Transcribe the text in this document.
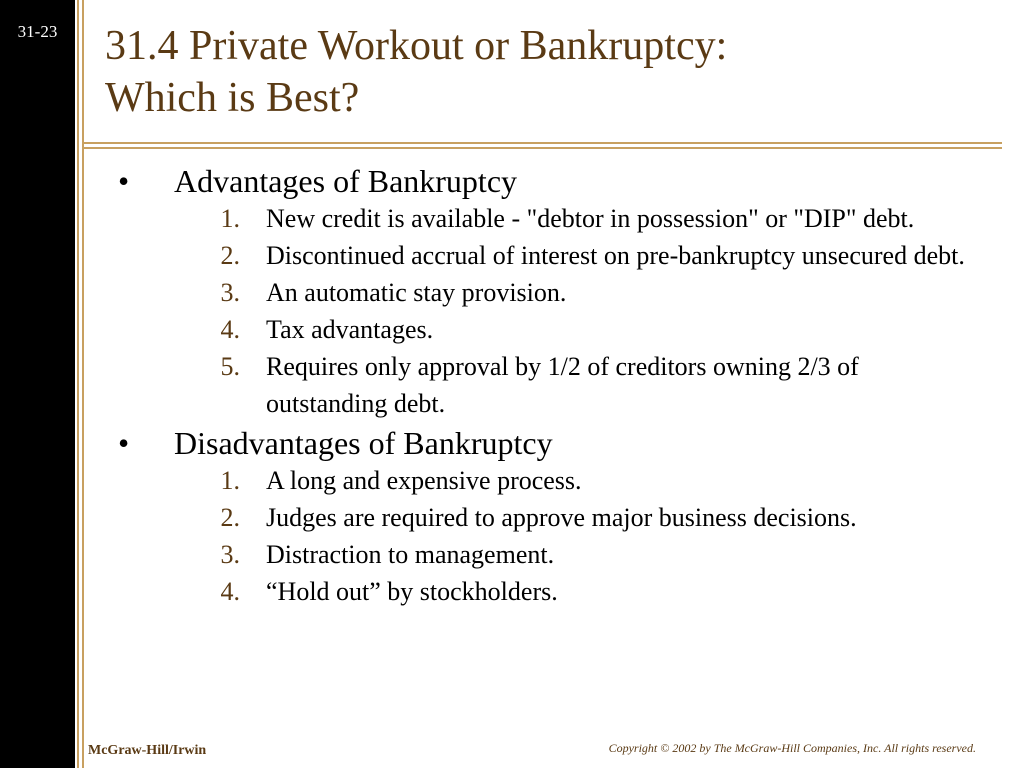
31-23	31.4 Private Workout or Bankruptcy:
Which is Best?
•	Advantages of Bankruptcy
1.	New credit is available - "debtor in possession" or "DIP" debt.
2.	Discontinued accrual of interest on pre-bankruptcy unsecured debt.
3.	An automatic stay provision.
4.	Tax advantages.
5.	Requires only approval by 1/2 of creditors owning 2/3 of outstanding debt.
•	Disadvantages of Bankruptcy
1.	A long and expensive process.
2.	Judges are required to approve major business decisions.
3.	Distraction to management.
4.	“Hold out” by stockholders.
McGraw-Hill/Irwin	Copyright © 2002 by The McGraw-Hill Companies, Inc. All rights reserved.
